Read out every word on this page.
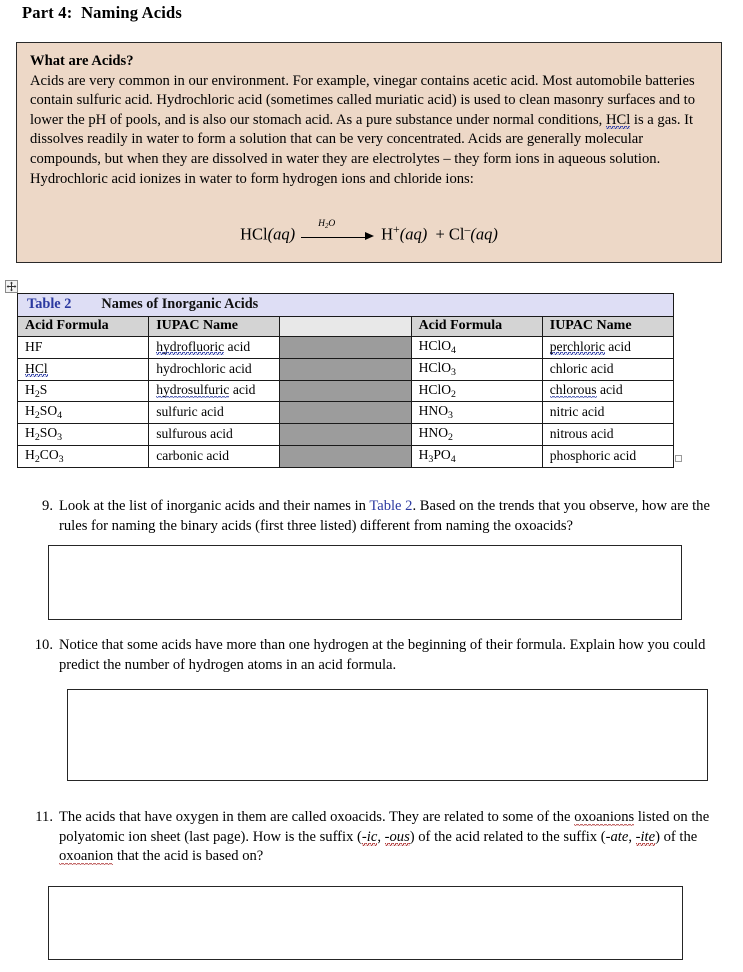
Part 4:  Naming Acids
What are Acids?

Acids are very common in our environment. For example, vinegar contains acetic acid. Most automobile batteries contain sulfuric acid. Hydrochloric acid (sometimes called muriatic acid) is used to clean masonry surfaces and to lower the pH of pools, and is also our stomach acid. As a pure substance under normal conditions, HCl is a gas. It dissolves readily in water to form a solution that can be very concentrated. Acids are generally molecular compounds, but when they are dissolved in water they are electrolytes – they form ions in aqueous solution. Hydrochloric acid ionizes in water to form hydrogen ions and chloride ions:

HCl(aq)
$H_2O$
H+(aq) + Cl–(aq)
Table 2 Names of Inorganic Acids				
Acid Formula	IUPAC Name		Acid Formula	IUPAC Name
HF	hydrofluoric acid		HClO$_4$	perchloric acid
HCl	hydrochloric acid		HClO$_3$	chloric acid
$H_2S$	hydrosulfuric acid		HClO$_2$	chlorous acid
$H_2SO_4$	sulfuric acid		$HNO_3$	nitric acid
$H_2SO_3$	sulfurous acid		$HNO_2$	nitrous acid
$H_2CO_3$	carbonic acid		$H_3PO_4$	phosphoric acid
9. Look at the list of inorganic acids and their names in Table 2. Based on the trends that you observe, how are the rules for naming the binary acids (first three listed) different from naming the oxoacids?
10. Notice that some acids have more than one hydrogen at the beginning of their formula. Explain how you could predict the number of hydrogen atoms in an acid formula.
11. The acids that have oxygen in them are called oxoacids. They are related to some of the oxoanions listed on the polyatomic ion sheet (last page). How is the suffix (-ic, -ous) of the acid related to the suffix (-ate, -ite) of the oxoanion that the acid is based on?
